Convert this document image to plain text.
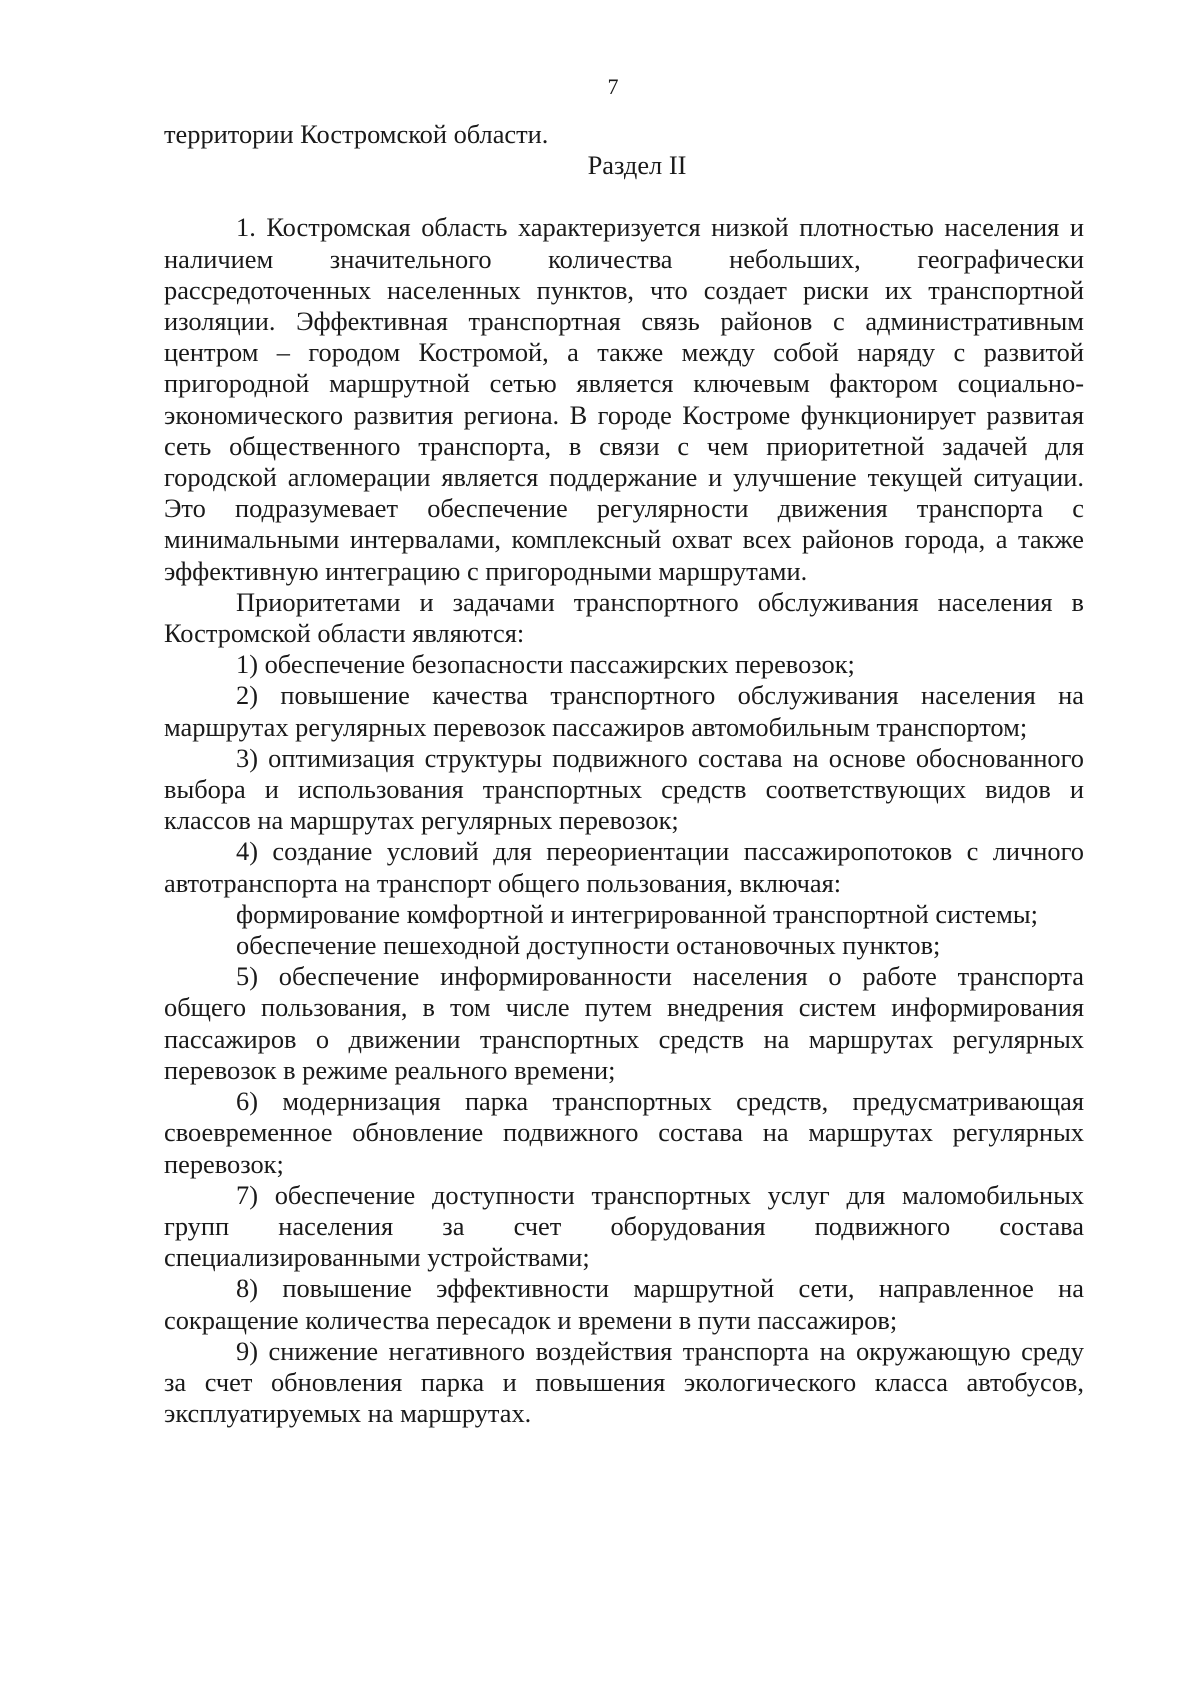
7

территории Костромской области.

Раздел II

1. Костромская область характеризуется низкой плотностью населения и наличием значительного количества небольших, географически рассредоточенных населенных пунктов, что создает риски их транспортной изоляции. Эффективная транспортная связь районов с административным центром – городом Костромой, а также между собой наряду с развитой пригородной маршрутной сетью является ключевым фактором социально-экономического развития региона. В городе Костроме функционирует развитая сеть общественного транспорта, в связи с чем приоритетной задачей для городской агломерации является поддержание и улучшение текущей ситуации. Это подразумевает обеспечение регулярности движения транспорта с минимальными интервалами, комплексный охват всех районов города, а также эффективную интеграцию с пригородными маршрутами.

Приоритетами и задачами транспортного обслуживания населения в Костромской области являются:

1) обеспечение безопасности пассажирских перевозок;

2) повышение качества транспортного обслуживания населения на маршрутах регулярных перевозок пассажиров автомобильным транспортом;

3) оптимизация структуры подвижного состава на основе обоснованного выбора и использования транспортных средств соответствующих видов и классов на маршрутах регулярных перевозок;

4) создание условий для переориентации пассажиропотоков с личного автотранспорта на транспорт общего пользования, включая:

формирование комфортной и интегрированной транспортной системы;

обеспечение пешеходной доступности остановочных пунктов;

5) обеспечение информированности населения о работе транспорта общего пользования, в том числе путем внедрения систем информирования пассажиров о движении транспортных средств на маршрутах регулярных перевозок в режиме реального времени;

6) модернизация парка транспортных средств, предусматривающая своевременное обновление подвижного состава на маршрутах регулярных перевозок;

7) обеспечение доступности транспортных услуг для маломобильных групп населения за счет оборудования подвижного состава специализированными устройствами;

8) повышение эффективности маршрутной сети, направленное на сокращение количества пересадок и времени в пути пассажиров;

9) снижение негативного воздействия транспорта на окружающую среду за счет обновления парка и повышения экологического класса автобусов, эксплуатируемых на маршрутах.
